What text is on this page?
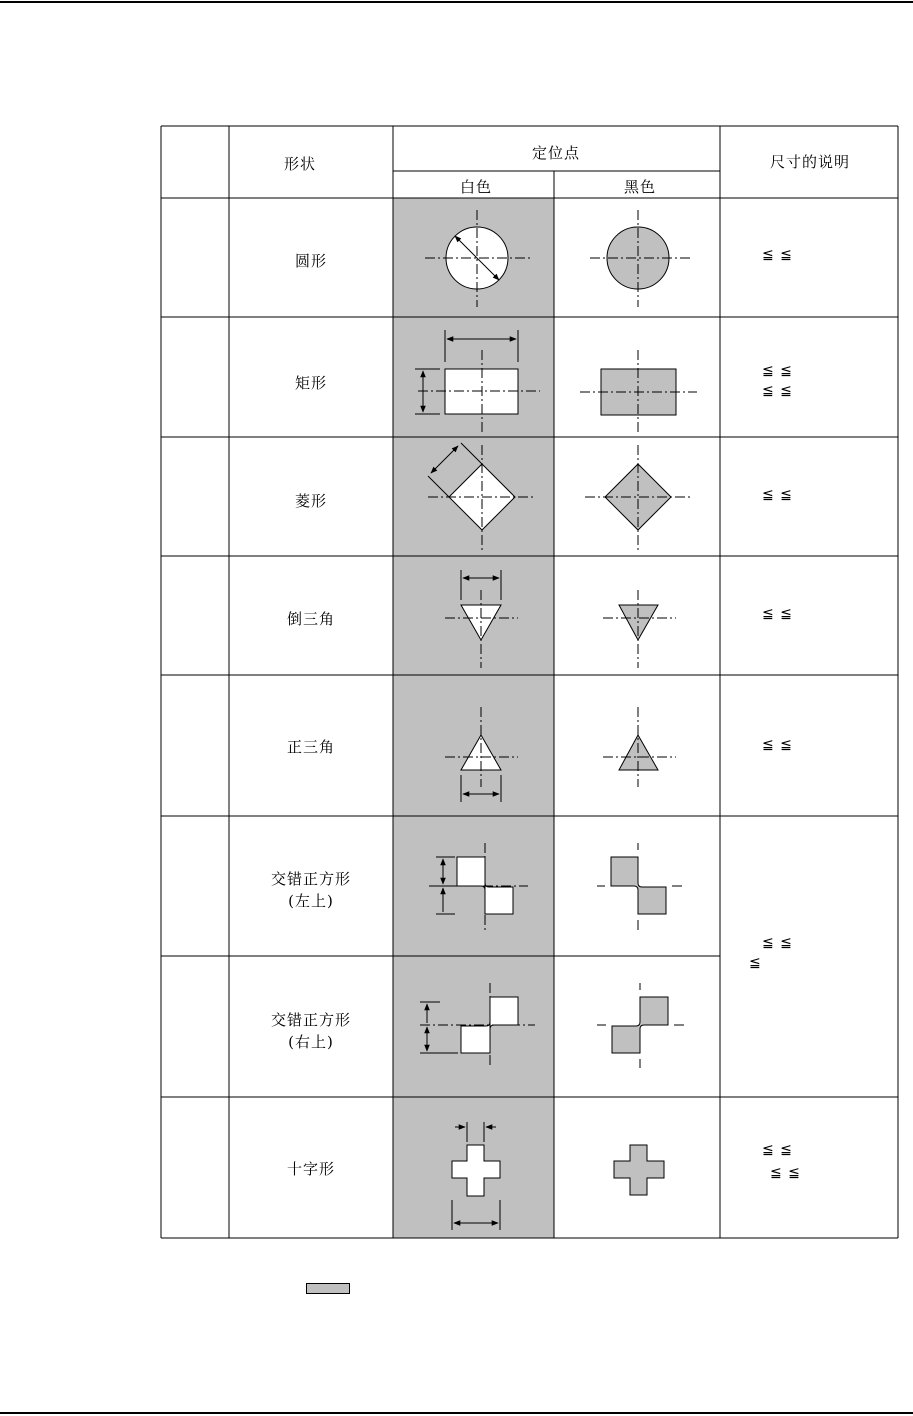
形状
定位点
白色	黑色
尺寸的说明
圆形
矩形
菱形
倒三角
正三角
交错正方形
(左上)
交错正方形
(右上)
十字形
≦ ≦
≦ ≦
≦ ≦
≦ ≦
≦ ≦
≦ ≦
≦ ≦
≦
≦ ≦
≦ ≦
